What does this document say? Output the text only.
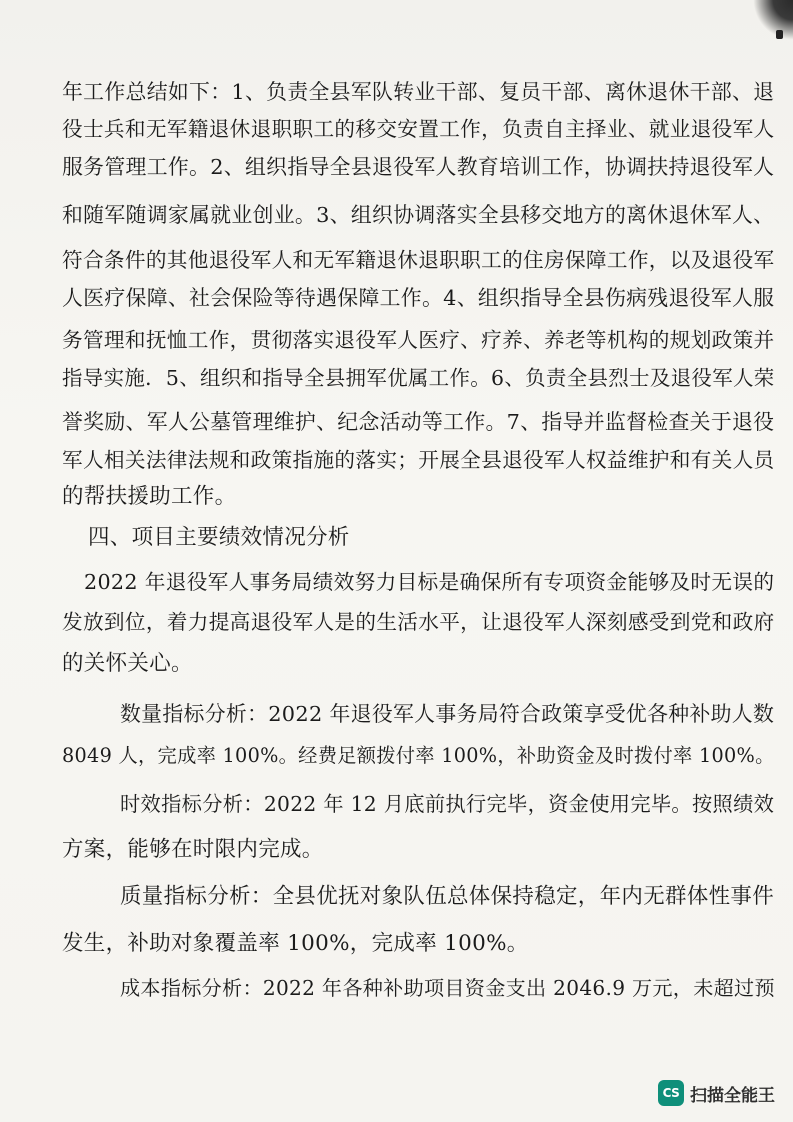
年工作总结如下：1、负责全县军队转业干部、复员干部、离休退休干部、退
役士兵和无军籍退休退职职工的移交安置工作，负责自主择业、就业退役军人
服务管理工作。2、组织指导全县退役军人教育培训工作，协调扶持退役军人
和随军随调家属就业创业。3、组织协调落实全县移交地方的离休退休军人、
符合条件的其他退役军人和无军籍退休退职职工的住房保障工作，以及退役军
人医疗保障、社会保险等待遇保障工作。4、组织指导全县伤病残退役军人服
务管理和抚恤工作，贯彻落实退役军人医疗、疗养、养老等机构的规划政策并
指导实施．5、组织和指导全县拥军优属工作。6、负责全县烈士及退役军人荣
誉奖励、军人公墓管理维护、纪念活动等工作。7、指导并监督检查关于退役
军人相关法律法规和政策指施的落实；开展全县退役军人权益维护和有关人员
的帮扶援助工作。
四、项目主要绩效情况分析
2022 年退役军人事务局绩效努力目标是确保所有专项资金能够及时无误的
发放到位，着力提高退役军人是的生活水平，让退役军人深刻感受到党和政府
的关怀关心。
数量指标分析：2022 年退役军人事务局符合政策享受优各种补助人数
8049 人，完成率 100%。经费足额拨付率 100%，补助资金及时拨付率 100%。
时效指标分析：2022 年 12 月底前执行完毕，资金使用完毕。按照绩效
方案，能够在时限内完成。
质量指标分析：全县优抚对象队伍总体保持稳定，年内无群体性事件
发生，补助对象覆盖率 100%，完成率 100%。
成本指标分析：2022 年各种补助项目资金支出 2046.9 万元，未超过预
CS 扫描全能王
